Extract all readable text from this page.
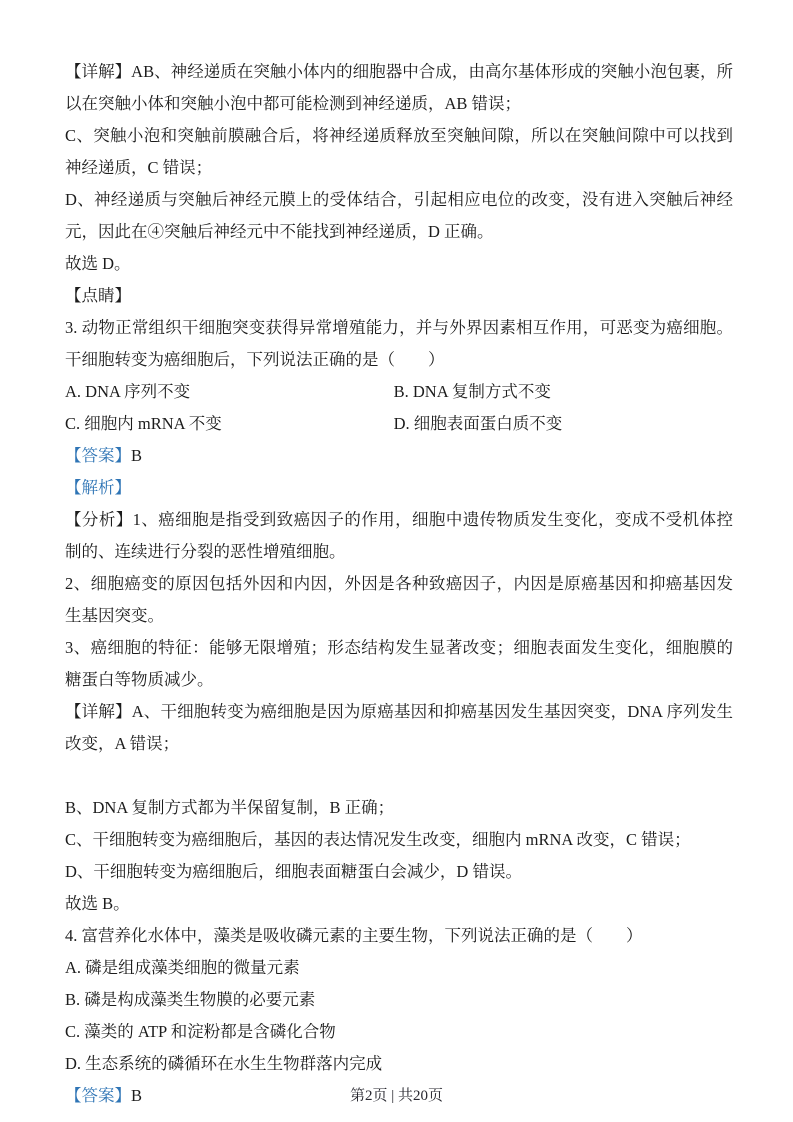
【详解】AB、神经递质在突触小体内的细胞器中合成，由高尔基体形成的突触小泡包裹，所以在突触小体和突触小泡中都可能检测到神经递质，AB 错误；

C、突触小泡和突触前膜融合后，将神经递质释放至突触间隙，所以在突触间隙中可以找到神经递质，C 错误；

D、神经递质与突触后神经元膜上的受体结合，引起相应电位的改变，没有进入突触后神经元，因此在④突触后神经元中不能找到神经递质，D 正确。

故选 D。

【点睛】

3. 动物正常组织干细胞突变获得异常增殖能力，并与外界因素相互作用，可恶变为癌细胞。干细胞转变为癌细胞后，下列说法正确的是（　　）

A. DNA 序列不变	B. DNA 复制方式不变
C. 细胞内 mRNA 不变	D. 细胞表面蛋白质不变

【答案】B

【解析】

【分析】1、癌细胞是指受到致癌因子的作用，细胞中遗传物质发生变化，变成不受机体控制的、连续进行分裂的恶性增殖细胞。

2、细胞癌变的原因包括外因和内因，外因是各种致癌因子，内因是原癌基因和抑癌基因发生基因突变。

3、癌细胞的特征：能够无限增殖；形态结构发生显著改变；细胞表面发生变化，细胞膜的糖蛋白等物质减少。

【详解】A、干细胞转变为癌细胞是因为原癌基因和抑癌基因发生基因突变，DNA 序列发生改变，A 错误；

B、DNA 复制方式都为半保留复制，B 正确；

C、干细胞转变为癌细胞后，基因的表达情况发生改变，细胞内 mRNA 改变，C 错误；

D、干细胞转变为癌细胞后，细胞表面糖蛋白会减少，D 错误。

故选 B。

4. 富营养化水体中，藻类是吸收磷元素的主要生物，下列说法正确的是（　　）

A. 磷是组成藻类细胞的微量元素

B. 磷是构成藻类生物膜的必要元素

C. 藻类的 ATP 和淀粉都是含磷化合物

D. 生态系统的磷循环在水生生物群落内完成

【答案】B	第2页 | 共20页
